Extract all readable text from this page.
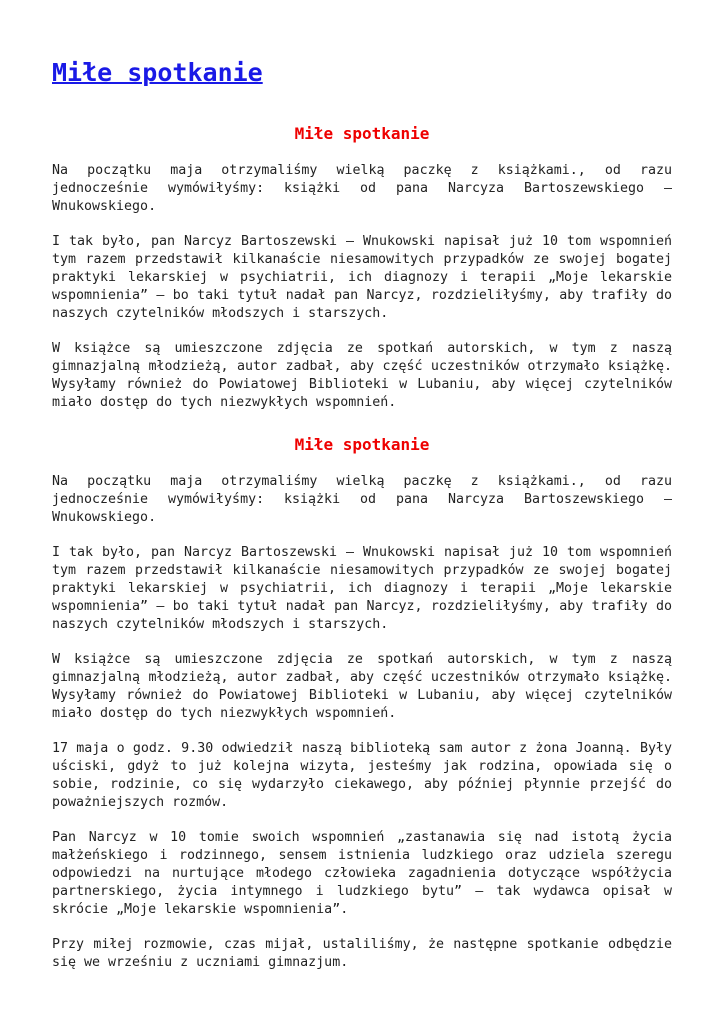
Miłe spotkanie
Miłe spotkanie

Na początku maja otrzymaliśmy wielką paczkę z książkami., od razu jednocześnie wymówiłyśmy: książki od pana Narcyza Bartoszewskiego – Wnukowskiego.

I tak było, pan Narcyz Bartoszewski – Wnukowski napisał już 10 tom wspomnień tym razem przedstawił kilkanaście niesamowitych przypadków ze swojej bogatej praktyki lekarskiej w psychiatrii, ich diagnozy i terapii „Moje lekarskie wspomnienia” – bo taki tytuł nadał pan Narcyz, rozdzieliłyśmy, aby trafiły do naszych czytelników młodszych i starszych.

W książce są umieszczone zdjęcia ze spotkań autorskich, w tym z naszą gimnazjalną młodzieżą, autor zadbał, aby część uczestników otrzymało książkę. Wysyłamy również do Powiatowej Biblioteki w Lubaniu, aby więcej czytelników miało dostęp do tych niezwykłych wspomnień.

Miłe spotkanie

Na początku maja otrzymaliśmy wielką paczkę z książkami., od razu jednocześnie wymówiłyśmy: książki od pana Narcyza Bartoszewskiego – Wnukowskiego.

I tak było, pan Narcyz Bartoszewski – Wnukowski napisał już 10 tom wspomnień tym razem przedstawił kilkanaście niesamowitych przypadków ze swojej bogatej praktyki lekarskiej w psychiatrii, ich diagnozy i terapii „Moje lekarskie wspomnienia” – bo taki tytuł nadał pan Narcyz, rozdzieliłyśmy, aby trafiły do naszych czytelników młodszych i starszych.

W książce są umieszczone zdjęcia ze spotkań autorskich, w tym z naszą gimnazjalną młodzieżą, autor zadbał, aby część uczestników otrzymało książkę. Wysyłamy również do Powiatowej Biblioteki w Lubaniu, aby więcej czytelników miało dostęp do tych niezwykłych wspomnień.

17 maja o godz. 9.30 odwiedził naszą biblioteką sam autor z żona Joanną. Były uściski, gdyż to już kolejna wizyta, jesteśmy jak rodzina, opowiada się o sobie, rodzinie, co się wydarzyło ciekawego, aby później płynnie przejść do poważniejszych rozmów.

Pan Narcyz w 10 tomie swoich wspomnień „zastanawia się nad istotą życia małżeńskiego i rodzinnego, sensem istnienia ludzkiego oraz udziela szeregu odpowiedzi na nurtujące młodego człowieka zagadnienia dotyczące współżycia partnerskiego, życia intymnego i ludzkiego bytu” – tak wydawca opisał w skrócie „Moje lekarskie wspomnienia”.

Przy miłej rozmowie, czas mijał, ustaliliśmy, że następne spotkanie odbędzie się we wrześniu z uczniami gimnazjum.
